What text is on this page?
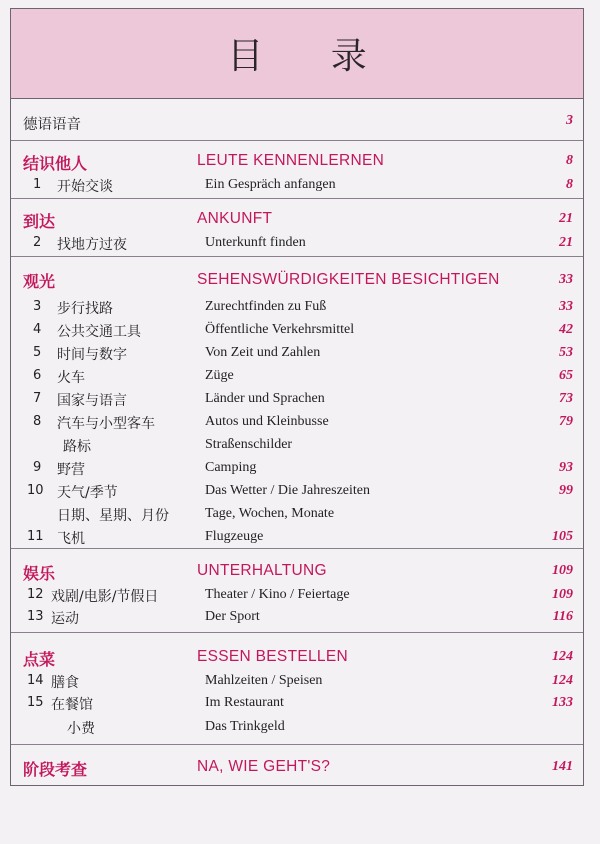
目 录
德语语音	3
结识他人	LEUTE KENNENLERNEN	8
1 开始交谈	Ein Gespräch anfangen	8
到达	ANKUNFT	21
2 找地方过夜	Unterkunft finden	21
观光	SEHENSWÜRDIGKEITEN BESICHTIGEN	33
3 步行找路	Zurechtfinden zu Fuß	33
4 公共交通工具	Öffentliche Verkehrsmittel	42
5 时间与数字	Von Zeit und Zahlen	53
6 火车	Züge	65
7 国家与语言	Länder und Sprachen	73
8 汽车与小型客车	Autos und Kleinbusse	79
路标	Straßenschilder
9 野营	Camping	93
10 天气/季节	Das Wetter / Die Jahreszeiten	99
日期、星期、月份	Tage, Wochen, Monate
11 飞机	Flugzeuge	105
娱乐	UNTERHALTUNG	109
12 戏剧/电影/节假日	Theater / Kino / Feiertage	109
13 运动	Der Sport	116
点菜	ESSEN BESTELLEN	124
14 膳食	Mahlzeiten / Speisen	124
15 在餐馆	Im Restaurant	133
小费	Das Trinkgeld
阶段考查	NA, WIE GEHT'S?	141
